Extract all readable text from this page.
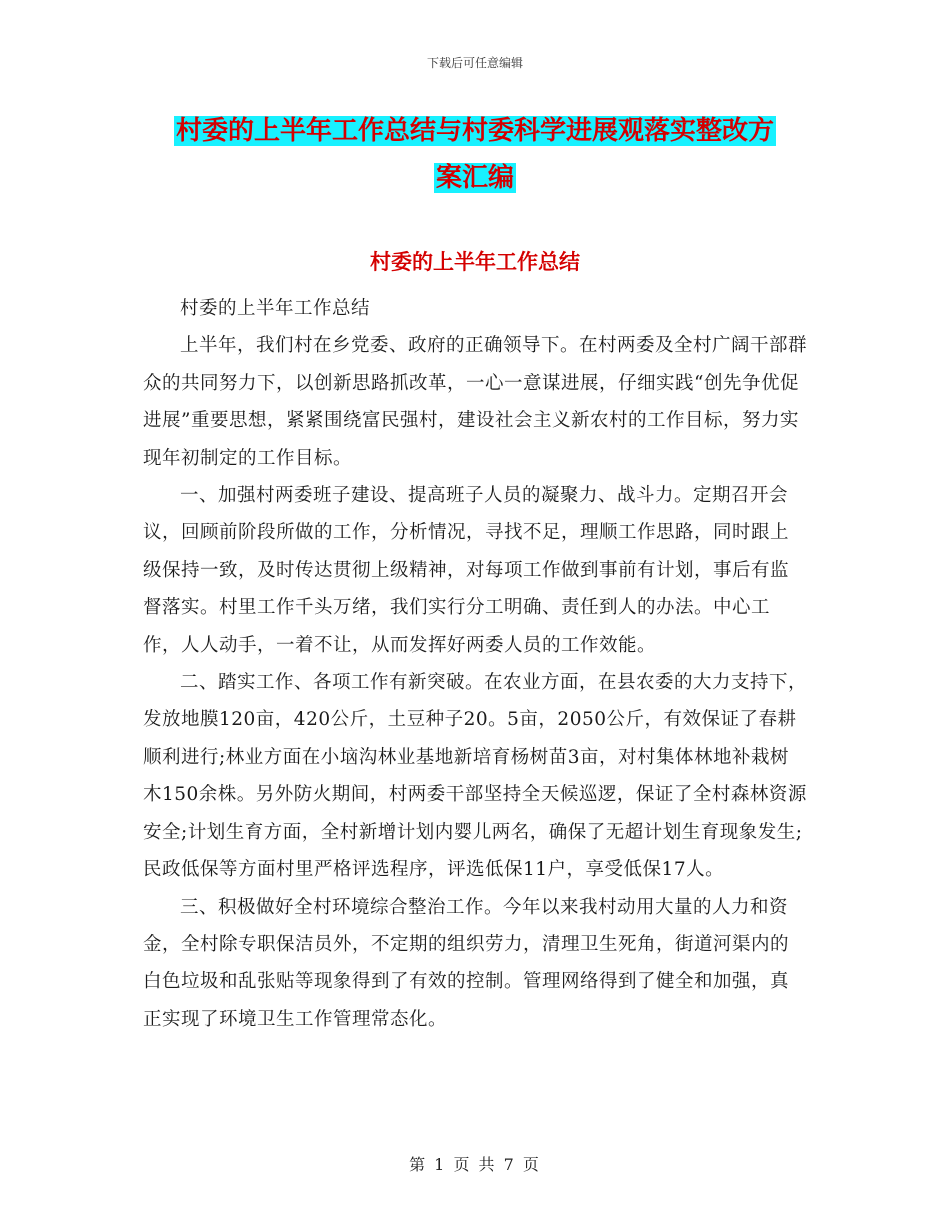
下载后可任意编辑
村委的上半年工作总结与村委科学进展观落实整改方
案汇编
村委的上半年工作总结

村委的上半年工作总结

上半年，我们村在乡党委、政府的正确领导下。在村两委及全村广阔干部群众的共同努力下，以创新思路抓改革，一心一意谋进展，仔细实践“创先争优促进展”重要思想，紧紧围绕富民强村，建设社会主义新农村的工作目标，努力实现年初制定的工作目标。

一、加强村两委班子建设、提高班子人员的凝聚力、战斗力。定期召开会议，回顾前阶段所做的工作，分析情况，寻找不足，理顺工作思路，同时跟上级保持一致，及时传达贯彻上级精神，对每项工作做到事前有计划，事后有监督落实。村里工作千头万绪，我们实行分工明确、责任到人的办法。中心工作，人人动手，一着不让，从而发挥好两委人员的工作效能。

二、踏实工作、各项工作有新突破。在农业方面，在县农委的大力支持下，发放地膜120亩，420公斤，土豆种子20。5亩，2050公斤，有效保证了春耕顺利进行;林业方面在小垴沟林业基地新培育杨树苗3亩，对村集体林地补栽树木150余株。另外防火期间，村两委干部坚持全天候巡逻，保证了全村森林资源安全;计划生育方面，全村新增计划内婴儿两名，确保了无超计划生育现象发生;民政低保等方面村里严格评选程序，评选低保11户，享受低保17人。

三、积极做好全村环境综合整治工作。今年以来我村动用大量的人力和资金，全村除专职保洁员外，不定期的组织劳力，清理卫生死角，街道河渠内的白色垃圾和乱张贴等现象得到了有效的控制。管理网络得到了健全和加强，真正实现了环境卫生工作管理常态化。

第 1 页 共 7 页
